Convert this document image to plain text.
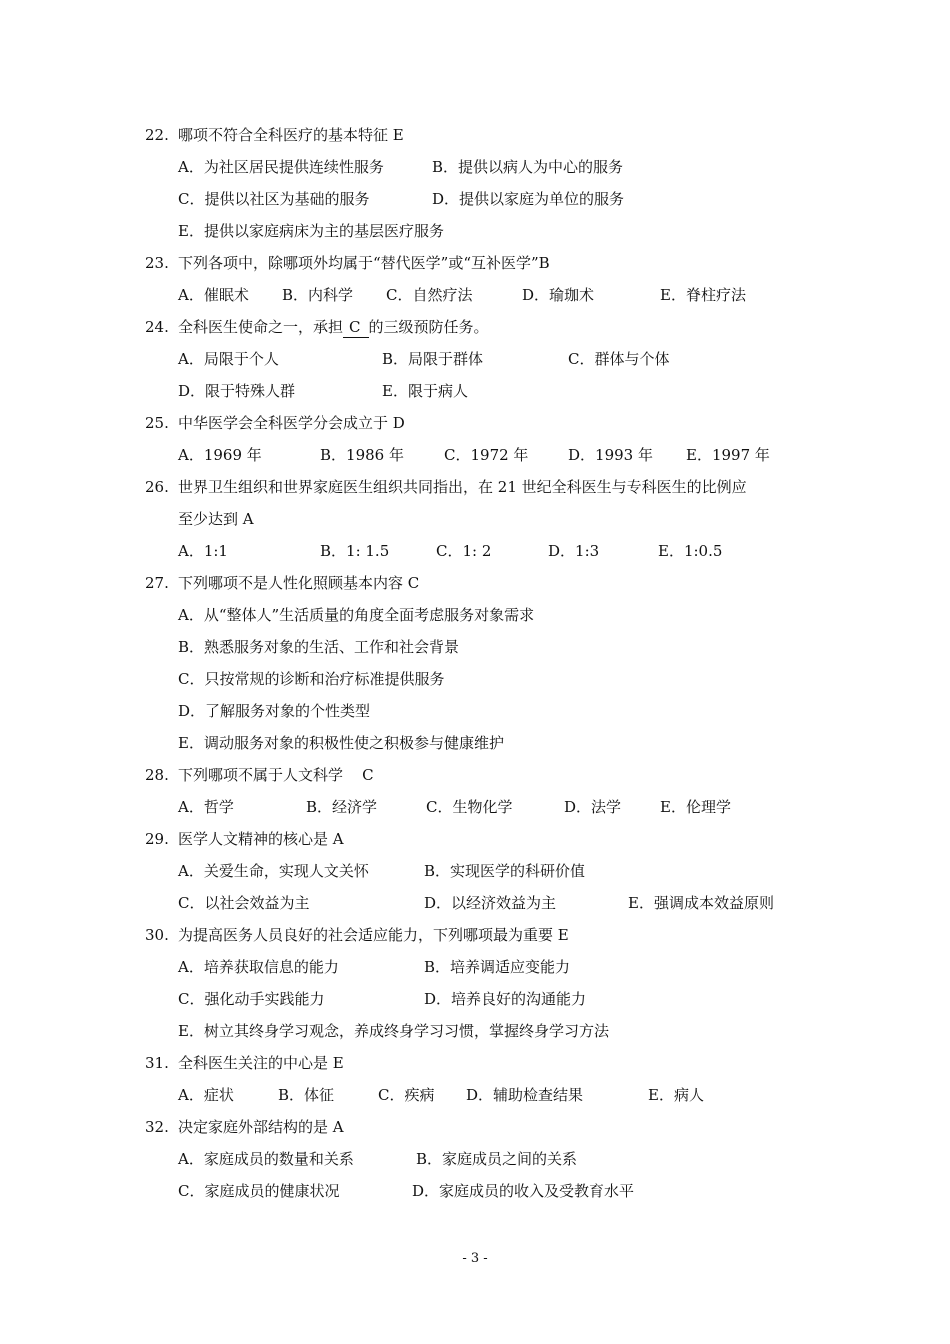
22. 哪项不符合全科医疗的基本特征 E
A．为社区居民提供连续性服务	B．提供以病人为中心的服务
C．提供以社区为基础的服务	D．提供以家庭为单位的服务
E．提供以家庭病床为主的基层医疗服务
23. 下列各项中，除哪项外均属于“替代医学”或“互补医学”B
A．催眠术 B．内科学 C．自然疗法	D．瑜珈术	E．脊柱疗法
24. 全科医生使命之一，承担 C 的三级预防任务。
A．局限于个人	B．局限于群体	C．群体与个体
D．限于特殊人群	E．限于病人
25. 中华医学会全科医学分会成立于 D
A．1969 年	B．1986 年	C．1972 年	D．1993 年 E．1997 年
26. 世界卫生组织和世界家庭医生组织共同指出，在 21 世纪全科医生与专科医生的比例应
至少达到 A
A．1:1	B．1: 1.5	C．1: 2	D．1:3	E．1:0.5
27. 下列哪项不是人性化照顾基本内容 C
A．从“整体人”生活质量的角度全面考虑服务对象需求
B．熟悉服务对象的生活、工作和社会背景
C．只按常规的诊断和治疗标准提供服务
D．了解服务对象的个性类型
E．调动服务对象的积极性使之积极参与健康维护
28. 下列哪项不属于人文科学    C
A．哲学	B．经济学	C．生物化学	D．法学	E．伦理学
29. 医学人文精神的核心是 A
A．关爱生命，实现人文关怀	B．实现医学的科研价值
C．以社会效益为主	D．以经济效益为主	E．强调成本效益原则
30. 为提高医务人员良好的社会适应能力，下列哪项最为重要 E
A．培养获取信息的能力	B．培养调适应变能力
C．强化动手实践能力	D．培养良好的沟通能力
E．树立其终身学习观念，养成终身学习习惯，掌握终身学习方法
31. 全科医生关注的中心是 E
A．症状	B．体征	C．疾病 D．辅助检查结果	E．病人
32. 决定家庭外部结构的是 A
A．家庭成员的数量和关系	B．家庭成员之间的关系
C．家庭成员的健康状况	D．家庭成员的收入及受教育水平
- 3 -
